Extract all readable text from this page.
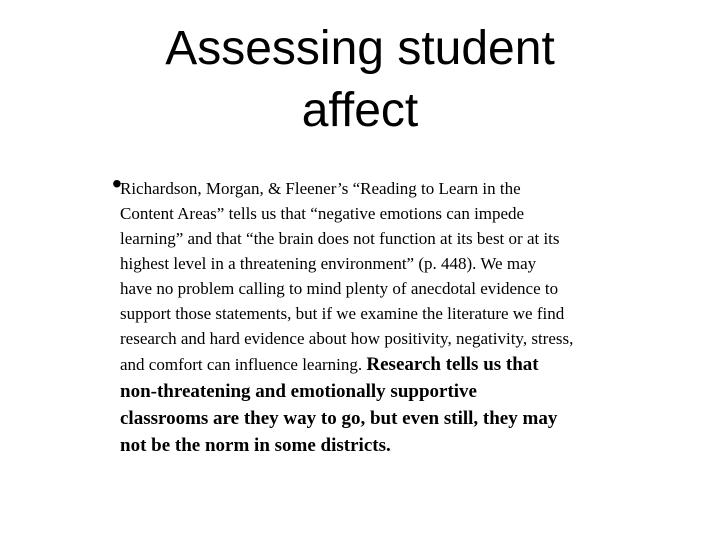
Assessing student
affect
•
Richardson, Morgan, & Fleener’s “Reading to Learn in the
Content Areas” tells us that “negative emotions can impede
learning” and that “the brain does not function at its best or at its
highest level in a threatening environment” (p. 448). We may
have no problem calling to mind plenty of anecdotal evidence to
support those statements, but if we examine the literature we find
research and hard evidence about how positivity, negativity, stress,
and comfort can influence learning. Research tells us that
non-threatening and emotionally supportive
classrooms are they way to go, but even still, they may
not be the norm in some districts.
